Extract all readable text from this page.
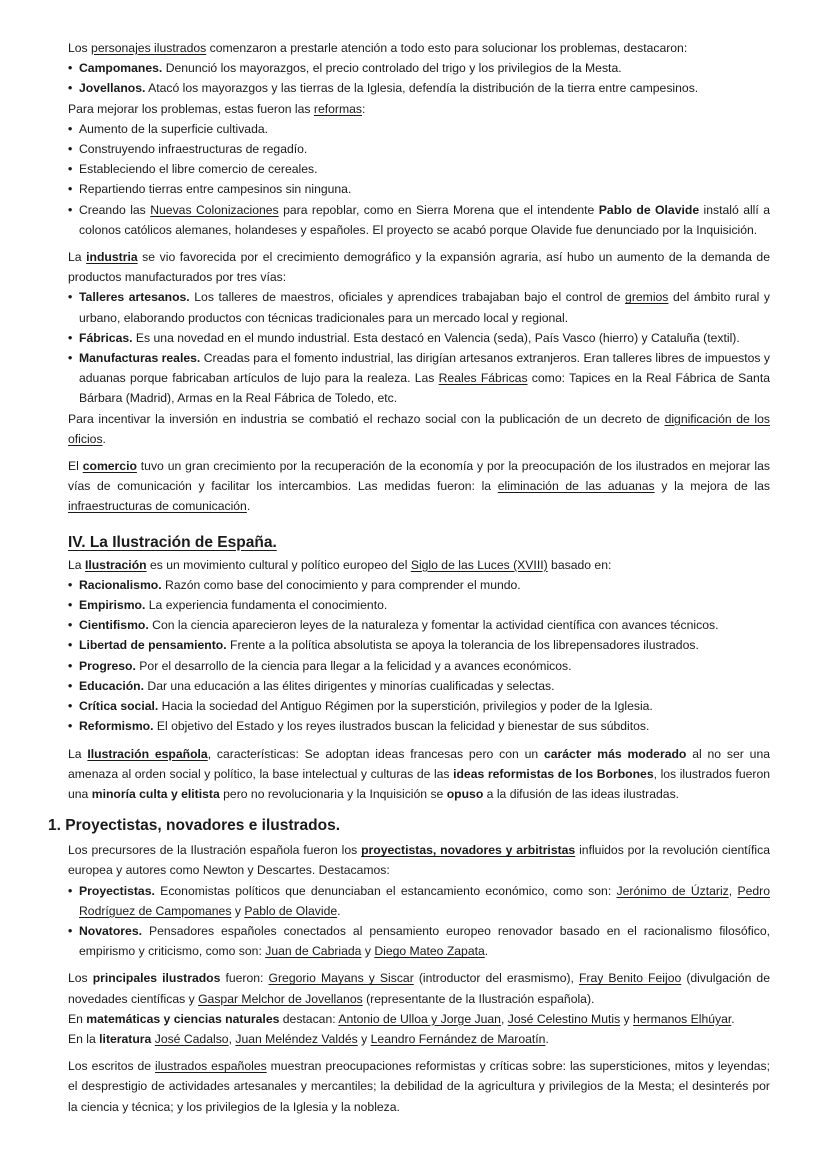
Los personajes ilustrados comenzaron a prestarle atención a todo esto para solucionar los problemas, destacaron:

• Campomanes. Denunció los mayorazgos, el precio controlado del trigo y los privilegios de la Mesta.
• Jovellanos. Atacó los mayorazgos y las tierras de la Iglesia, defendía la distribución de la tierra entre campesinos.

Para mejorar los problemas, estas fueron las reformas:

• Aumento de la superficie cultivada.
• Construyendo infraestructuras de regadío.
• Estableciendo el libre comercio de cereales.
• Repartiendo tierras entre campesinos sin ninguna.
• Creando las Nuevas Colonizaciones para repoblar, como en Sierra Morena que el intendente Pablo de Olavide instaló allí a colonos católicos alemanes, holandeses y españoles. El proyecto se acabó porque Olavide fue denunciado por la Inquisición.

La industria se vio favorecida por el crecimiento demográfico y la expansión agraria, así hubo un aumento de la demanda de productos manufacturados por tres vías:

• Talleres artesanos. Los talleres de maestros, oficiales y aprendices trabajaban bajo el control de gremios del ámbito rural y urbano, elaborando productos con técnicas tradicionales para un mercado local y regional.
• Fábricas. Es una novedad en el mundo industrial. Esta destacó en Valencia (seda), País Vasco (hierro) y Cataluña (textil).
• Manufacturas reales. Creadas para el fomento industrial, las dirigían artesanos extranjeros. Eran talleres libres de impuestos y aduanas porque fabricaban artículos de lujo para la realeza. Las Reales Fábricas como: Tapices en la Real Fábrica de Santa Bárbara (Madrid), Armas en la Real Fábrica de Toledo, etc.

Para incentivar la inversión en industria se combatió el rechazo social con la publicación de un decreto de dignificación de los oficios.

El comercio tuvo un gran crecimiento por la recuperación de la economía y por la preocupación de los ilustrados en mejorar las vías de comunicación y facilitar los intercambios. Las medidas fueron: la eliminación de las aduanas y la mejora de las infraestructuras de comunicación.

IV. La Ilustración de España.

La Ilustración es un movimiento cultural y político europeo del Siglo de las Luces (XVIII) basado en:

• Racionalismo. Razón como base del conocimiento y para comprender el mundo.
• Empirismo. La experiencia fundamenta el conocimiento.
• Cientifismo. Con la ciencia aparecieron leyes de la naturaleza y fomentar la actividad científica con avances técnicos.
• Libertad de pensamiento. Frente a la política absolutista se apoya la tolerancia de los librepensadores ilustrados.
• Progreso. Por el desarrollo de la ciencia para llegar a la felicidad y a avances económicos.
• Educación. Dar una educación a las élites dirigentes y minorías cualificadas y selectas.
• Crítica social. Hacia la sociedad del Antiguo Régimen por la superstición, privilegios y poder de la Iglesia.
• Reformismo. El objetivo del Estado y los reyes ilustrados buscan la felicidad y bienestar de sus súbditos.

La Ilustración española, características: Se adoptan ideas francesas pero con un carácter más moderado al no ser una amenaza al orden social y político, la base intelectual y culturas de las ideas reformistas de los Borbones, los ilustrados fueron una minoría culta y elitista pero no revolucionaria y la Inquisición se opuso a la difusión de las ideas ilustradas.

1. Proyectistas, novadores e ilustrados.

Los precursores de la Ilustración española fueron los proyectistas, novadores y arbitristas influidos por la revolución científica europea y autores como Newton y Descartes. Destacamos:

• Proyectistas. Economistas políticos que denunciaban el estancamiento económico, como son: Jerónimo de Úztariz, Pedro Rodríguez de Campomanes y Pablo de Olavide.
• Novatores. Pensadores españoles conectados al pensamiento europeo renovador basado en el racionalismo filosófico, empirismo y criticismo, como son: Juan de Cabriada y Diego Mateo Zapata.

Los principales ilustrados fueron: Gregorio Mayans y Siscar (introductor del erasmismo), Fray Benito Feijoo (divulgación de novedades científicas y Gaspar Melchor de Jovellanos (representante de la Ilustración española).

En matemáticas y ciencias naturales destacan: Antonio de Ulloa y Jorge Juan, José Celestino Mutis y hermanos Elhúyar.

En la literatura José Cadalso, Juan Meléndez Valdés y Leandro Fernández de Maroatín.

Los escritos de ilustrados españoles muestran preocupaciones reformistas y críticas sobre: las supersticiones, mitos y leyendas; el desprestigio de actividades artesanales y mercantiles; la debilidad de la agricultura y privilegios de la Mesta; el desinterés por la ciencia y técnica; y los privilegios de la Iglesia y la nobleza.
